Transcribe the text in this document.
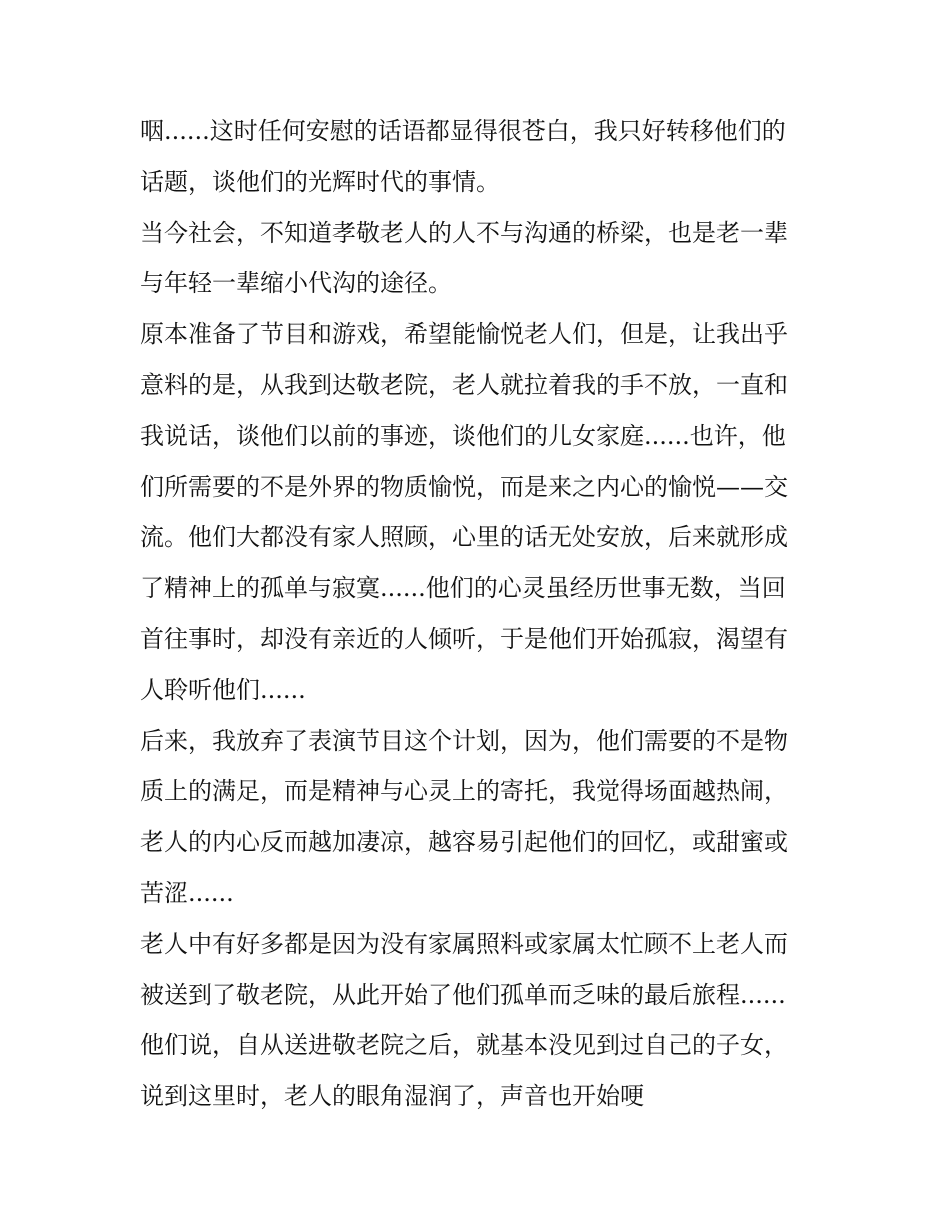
咽......这时任何安慰的话语都显得很苍白，我只好转移他们的
话题，谈他们的光辉时代的事情。
当今社会，不知道孝敬老人的人不与沟通的桥梁，也是老一辈
与年轻一辈缩小代沟的途径。
原本准备了节目和游戏，希望能愉悦老人们，但是，让我出乎
意料的是，从我到达敬老院，老人就拉着我的手不放，一直和
我说话，谈他们以前的事迹，谈他们的儿女家庭......也许，他
们所需要的不是外界的物质愉悦，而是来之内心的愉悦——交
流。他们大都没有家人照顾，心里的话无处安放，后来就形成
了精神上的孤单与寂寞......他们的心灵虽经历世事无数，当回
首往事时，却没有亲近的人倾听，于是他们开始孤寂，渴望有
人聆听他们......
后来，我放弃了表演节目这个计划，因为，他们需要的不是物
质上的满足，而是精神与心灵上的寄托，我觉得场面越热闹，
老人的内心反而越加凄凉，越容易引起他们的回忆，或甜蜜或
苦涩......
老人中有好多都是因为没有家属照料或家属太忙顾不上老人而
被送到了敬老院，从此开始了他们孤单而乏味的最后旅程......
他们说，自从送进敬老院之后，就基本没见到过自己的子女，
说到这里时，老人的眼角湿润了，声音也开始哽
